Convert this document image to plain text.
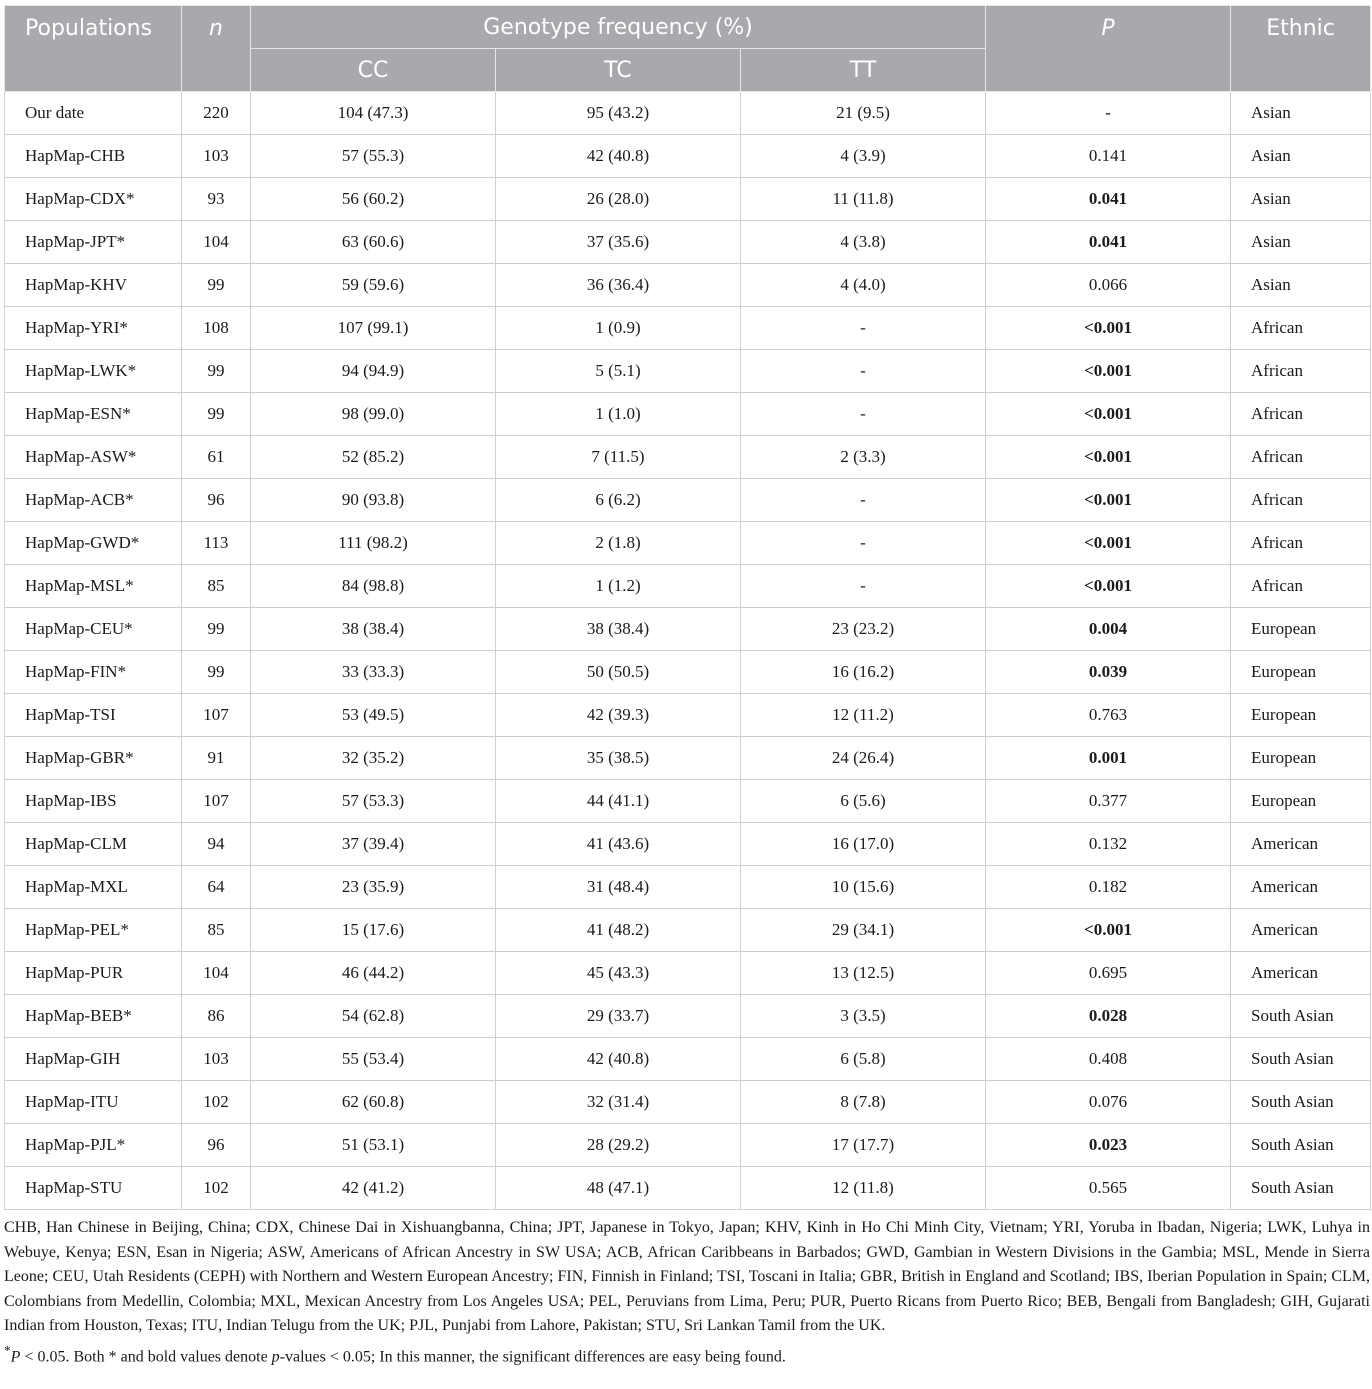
Populations	n	Genotype frequency (%)			P	Ethnic
		CC	TC	TT		
Our date	220	104 (47.3)	95 (43.2)	21 (9.5)	-	Asian
HapMap-CHB	103	57 (55.3)	42 (40.8)	4 (3.9)	0.141	Asian
HapMap-CDX*	93	56 (60.2)	26 (28.0)	11 (11.8)	0.041	Asian
HapMap-JPT*	104	63 (60.6)	37 (35.6)	4 (3.8)	0.041	Asian
HapMap-KHV	99	59 (59.6)	36 (36.4)	4 (4.0)	0.066	Asian
HapMap-YRI*	108	107 (99.1)	1 (0.9)	-	<0.001	African
HapMap-LWK*	99	94 (94.9)	5 (5.1)	-	<0.001	African
HapMap-ESN*	99	98 (99.0)	1 (1.0)	-	<0.001	African
HapMap-ASW*	61	52 (85.2)	7 (11.5)	2 (3.3)	<0.001	African
HapMap-ACB*	96	90 (93.8)	6 (6.2)	-	<0.001	African
HapMap-GWD*	113	111 (98.2)	2 (1.8)	-	<0.001	African
HapMap-MSL*	85	84 (98.8)	1 (1.2)	-	<0.001	African
HapMap-CEU*	99	38 (38.4)	38 (38.4)	23 (23.2)	0.004	European
HapMap-FIN*	99	33 (33.3)	50 (50.5)	16 (16.2)	0.039	European
HapMap-TSI	107	53 (49.5)	42 (39.3)	12 (11.2)	0.763	European
HapMap-GBR*	91	32 (35.2)	35 (38.5)	24 (26.4)	0.001	European
HapMap-IBS	107	57 (53.3)	44 (41.1)	6 (5.6)	0.377	European
HapMap-CLM	94	37 (39.4)	41 (43.6)	16 (17.0)	0.132	American
HapMap-MXL	64	23 (35.9)	31 (48.4)	10 (15.6)	0.182	American
HapMap-PEL*	85	15 (17.6)	41 (48.2)	29 (34.1)	<0.001	American
HapMap-PUR	104	46 (44.2)	45 (43.3)	13 (12.5)	0.695	American
HapMap-BEB*	86	54 (62.8)	29 (33.7)	3 (3.5)	0.028	South Asian
HapMap-GIH	103	55 (53.4)	42 (40.8)	6 (5.8)	0.408	South Asian
HapMap-ITU	102	62 (60.8)	32 (31.4)	8 (7.8)	0.076	South Asian
HapMap-PJL*	96	51 (53.1)	28 (29.2)	17 (17.7)	0.023	South Asian
HapMap-STU	102	42 (41.2)	48 (47.1)	12 (11.8)	0.565	South Asian

CHB, Han Chinese in Beijing, China; CDX, Chinese Dai in Xishuangbanna, China; JPT, Japanese in Tokyo, Japan; KHV, Kinh in Ho Chi Minh City, Vietnam; YRI, Yoruba in Ibadan, Nigeria; LWK, Luhya in Webuye, Kenya; ESN, Esan in Nigeria; ASW, Americans of African Ancestry in SW USA; ACB, African Caribbeans in Barbados; GWD, Gambian in Western Divisions in the Gambia; MSL, Mende in Sierra Leone; CEU, Utah Residents (CEPH) with Northern and Western European Ancestry; FIN, Finnish in Finland; TSI, Toscani in Italia; GBR, British in England and Scotland; IBS, Iberian Population in Spain; CLM, Colombians from Medellin, Colombia; MXL, Mexican Ancestry from Los Angeles USA; PEL, Peruvians from Lima, Peru; PUR, Puerto Ricans from Puerto Rico; BEB, Bengali from Bangladesh; GIH, Gujarati Indian from Houston, Texas; ITU, Indian Telugu from the UK; PJL, Punjabi from Lahore, Pakistan; STU, Sri Lankan Tamil from the UK.

*P < 0.05. Both * and bold values denote p-values < 0.05; In this manner, the significant differences are easy being found.
